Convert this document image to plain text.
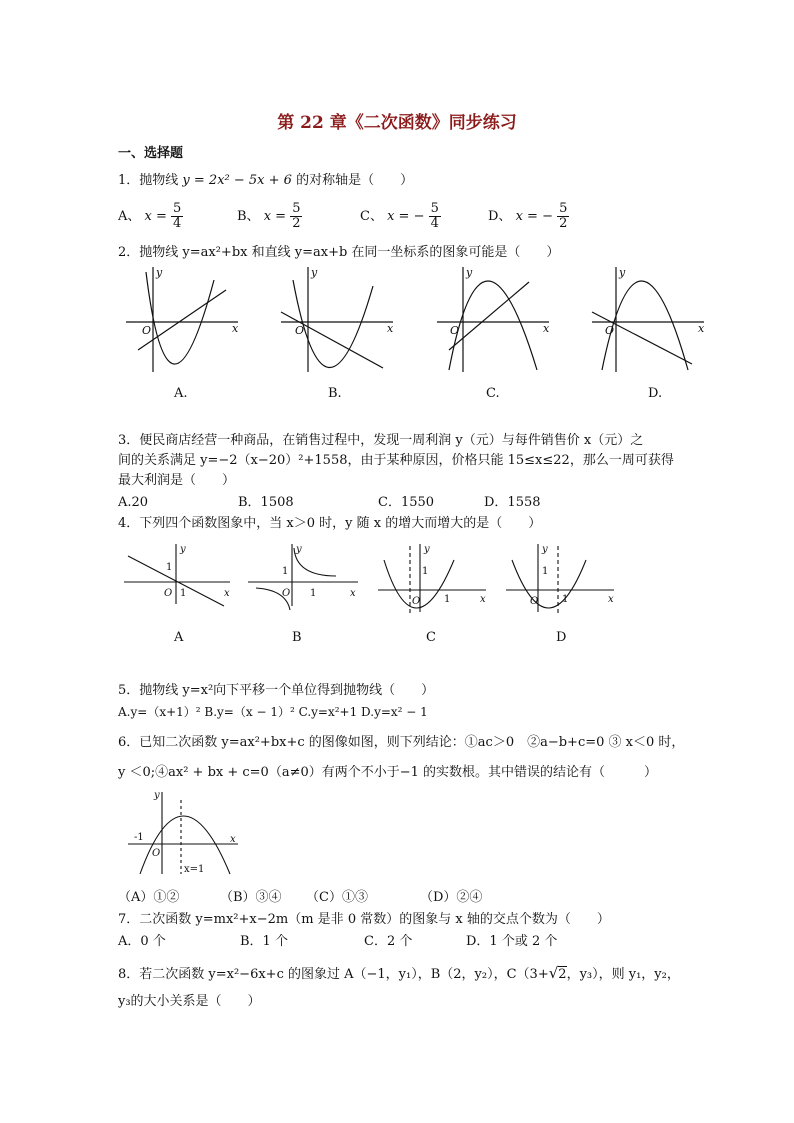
第 22 章《二次函数》同步练习
一、选择题
1．抛物线 y = 2x² − 5x + 6 的对称轴是（　　）
A、 $x = \frac{5}{4}$	B、 $x = \frac{5}{2}$	C、 x = − $\frac{5}{4}$	D、 x = − $\frac{5}{2}$
2．抛物线 y=ax²+bx 和直线 y=ax+b 在同一坐标系的图象可能是（　　）
x
y
O	x
y
O	x
y
O	x
y
O
A.	B.	C.	D.
3．便民商店经营一种商品，在销售过程中，发现一周利润 y（元）与每件销售价 x（元）之
间的关系满足 y=−2（x−20）²+1558，由于某种原因，价格只能 15≤x≤22，那么一周可获得
最大利润是（　　）
A.20	B．1508	C．1550	D．1558
4．下列四个函数图象中，当 x＞0 时，y 随 x 的增大而增大的是（　　）
x
y
O 1
1
x
y
O 1
1
x
y
O
1
1	x
y
O
1
1
A	B	C	D
5．抛物线 y=x²向下平移一个单位得到抛物线（　　）
A.y=（x+1）² B.y=（x − 1）² C.y=x²+1 D.y=x² − 1
6．已知二次函数 y=ax²+bx+c 的图像如图，则下列结论：①ac＞0　②a−b+c=0 ③ x＜0 时，
y ＜0;④ax² + bx + c=0（a≠0）有两个不小于−1 的实数根。其中错误的结论有（　　　）
x
y
O
-1
x=1
（A）①②	（B）③④ （C）①③	（D）②④
7．二次函数 y=mx²+x−2m（m 是非 0 常数）的图象与 x 轴的交点个数为（　　）
A．0 个	B．1 个	C．2 个	D．1 个或 2 个
8．若二次函数 y=x²−6x+c 的图象过 A（−1，y₁），B（2，y₂），C（3+√2，y₃），则 y₁，y₂，
y₃的大小关系是（　　）
